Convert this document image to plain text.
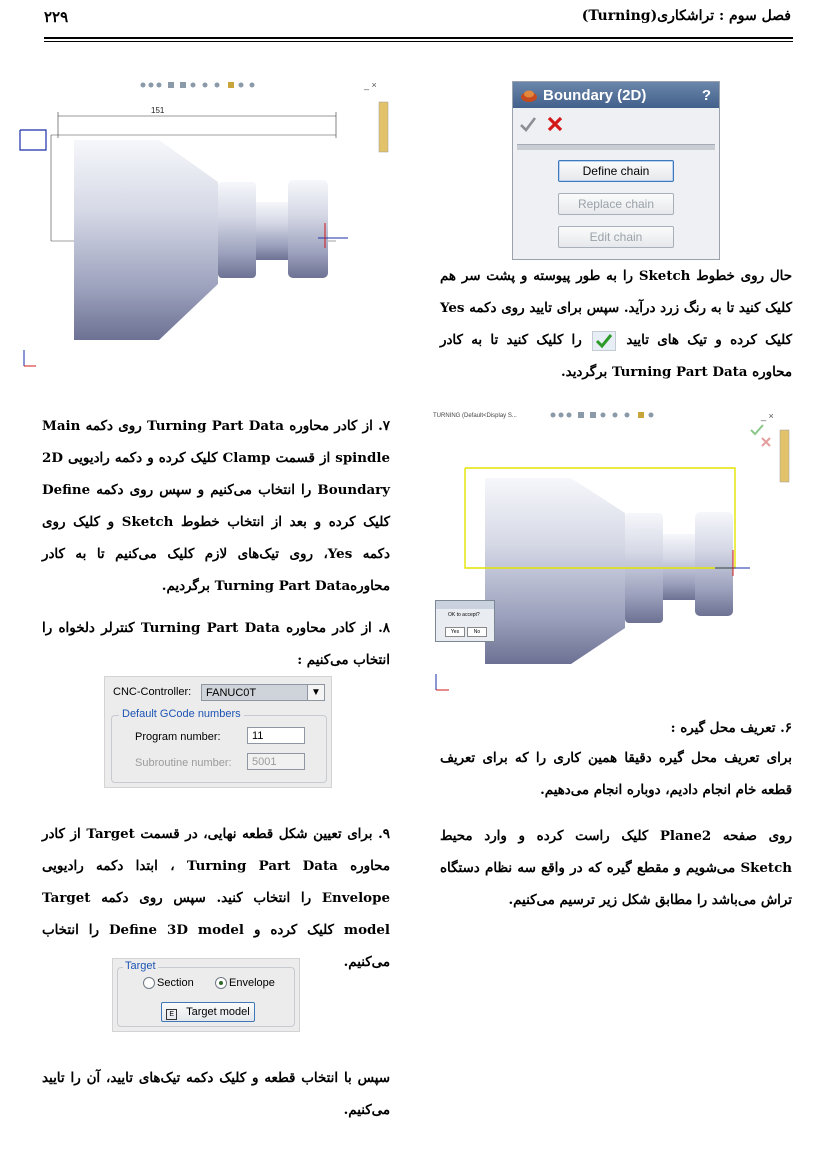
فصل سوم : تراشکاری(Turning)
۲۲۹
Boundary (2D)	?
Define chain
Replace chain
Edit chain
_ ×
151
حال روی خطوط Sketch را به طور پیوسته و پشت سر هم کلیک کنید تا به رنگ زرد درآید. سپس برای تایید روی دکمه Yes کلیک کرده و تیک های تایید  را کلیک کنید تا به کادر محاوره Turning Part Data برگردید.
۷. از کادر محاوره Turning Part Data روی دکمه Main spindle از قسمت Clamp کلیک کرده و دکمه رادیویی 2D Boundary را انتخاب می‌کنیم و سپس روی دکمه Define کلیک کرده و بعد از انتخاب خطوط Sketch و کلیک روی دکمه Yes، روی تیک‌های لازم کلیک می‌کنیم تا به کادر محاورهTurning Part Data برگردیم.
TURNING (Default<Display S...	_ ×
OK to accept?
Yes	No
۸. از کادر محاوره Turning Part Data کنترلر دلخواه را انتخاب می‌کنیم :
CNC-Controller:	FANUC0T	▼
Default GCode numbers
Program number:	11
Subroutine number:	5001
۶. تعریف محل گیره :
برای تعریف محل گیره دقیقا همین کاری را که برای تعریف قطعه خام انجام دادیم، دوباره انجام می‌دهیم.
روی صفحه Plane2 کلیک راست کرده و وارد محیط Sketch می‌شویم و مقطع گیره که در واقع سه نظام دستگاه تراش می‌باشد را مطابق شکل زیر ترسیم می‌کنیم.
۹. برای تعیین شکل قطعه نهایی، در قسمت Target از کادر محاوره Turning Part Data ، ابتدا دکمه رادیویی Envelope را انتخاب کنید. سپس روی دکمه Target model کلیک کرده و Define 3D model را انتخاب می‌کنیم.
Target
Section	Envelope
E Target model
سپس با انتخاب قطعه و کلیک دکمه تیک‌های تایید، آن را تایید می‌کنیم.
